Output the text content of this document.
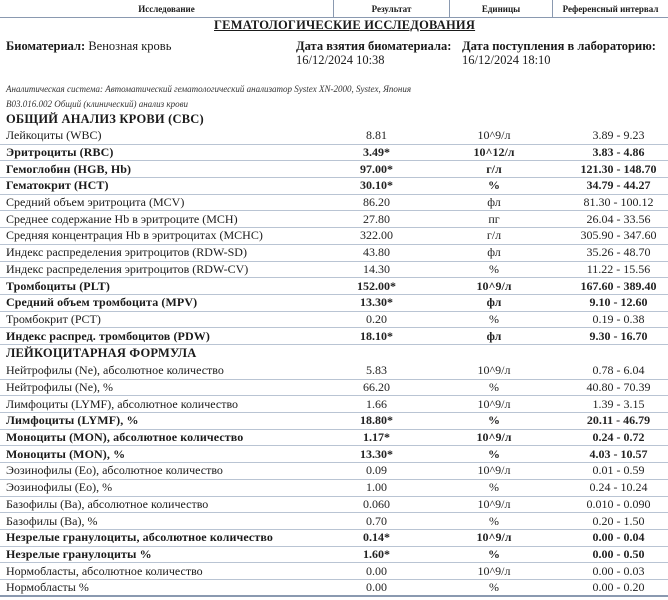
Исследование	Результат	Единицы	Референсный интервал
ГЕМАТОЛОГИЧЕСКИЕ ИССЛЕДОВАНИЯ
Биоматериал: Венозная кровь	Дата взятия биоматериала:
16/12/2024 10:38
Дата поступления в лабораторию:
16/12/2024 18:10
Аналитическая система: Автоматический гематологический анализатор Systex XN-2000, Systex, Япония
B03.016.002 Общий (клинический) анализ крови
ОБЩИЙ АНАЛИЗ КРОВИ (CBC)
Лейкоциты (WBC)	8.81	10^9/л	3.89 - 9.23
Эритроциты (RBC)	3.49*	10^12/л	3.83 - 4.86
Гемоглобин (HGB, Hb)	97.00*	г/л	121.30 - 148.70
Гематокрит (HCT)	30.10*	%	34.79 - 44.27
Средний объем эритроцита (MCV)	86.20	фл	81.30 - 100.12
Среднее содержание Hb в эритроците (MCH)	27.80	пг	26.04 - 33.56
Средняя концентрация Hb в эритроцитах (MCHC)	322.00	г/л	305.90 - 347.60
Индекс распределения эритроцитов (RDW-SD)	43.80	фл	35.26 - 48.70
Индекс распределения эритроцитов (RDW-CV)	14.30	%	11.22 - 15.56
Тромбоциты (PLT)	152.00*	10^9/л	167.60 - 389.40
Средний объем тромбоцита (MPV)	13.30*	фл	9.10 - 12.60
Тромбокрит (PCT)	0.20	%	0.19 - 0.38
Индекс распред. тромбоцитов (PDW)	18.10*	фл	9.30 - 16.70
ЛЕЙКОЦИТАРНАЯ ФОРМУЛА
Нейтрофилы (Ne), абсолютное количество	5.83	10^9/л	0.78 - 6.04
Нейтрофилы (Ne), %	66.20	%	40.80 - 70.39
Лимфоциты (LYMF), абсолютное количество	1.66	10^9/л	1.39 - 3.15
Лимфоциты (LYMF), %	18.80*	%	20.11 - 46.79
Моноциты (MON), абсолютное количество	1.17*	10^9/л	0.24 - 0.72
Моноциты (MON), %	13.30*	%	4.03 - 10.57
Эозинофилы (Eo), абсолютное количество	0.09	10^9/л	0.01 - 0.59
Эозинофилы (Eo), %	1.00	%	0.24 - 10.24
Базофилы (Ba), абсолютное количество	0.060	10^9/л	0.010 - 0.090
Базофилы (Ba), %	0.70	%	0.20 - 1.50
Незрелые гранулоциты, абсолютное количество	0.14*	10^9/л	0.00 - 0.04
Незрелые гранулоциты %	1.60*	%	0.00 - 0.50
Нормобласты, абсолютное количество	0.00	10^9/л	0.00 - 0.03
Нормобласты %	0.00	%	0.00 - 0.20
